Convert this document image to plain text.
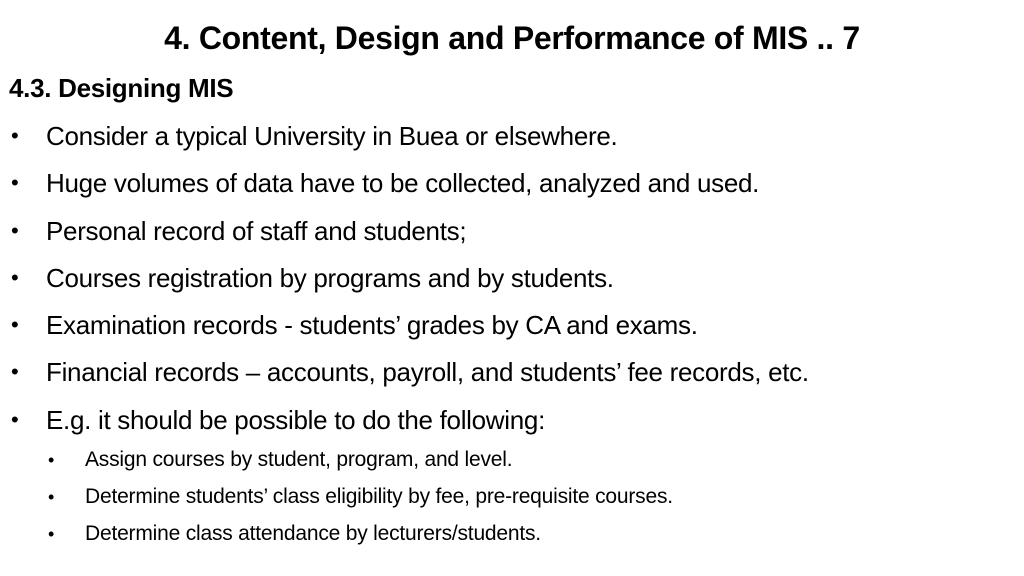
4. Content, Design and Performance of MIS .. 7
4.3. Designing MIS
• Consider a typical University in Buea or elsewhere.
• Huge volumes of data have to be collected, analyzed and used.
• Personal record of staff and students;
• Courses registration by programs and by students.
• Examination records - students’ grades by CA and exams.
• Financial records – accounts, payroll, and students’ fee records, etc.
• E.g. it should be possible to do the following:
• Assign courses by student, program, and level.
• Determine students’ class eligibility by fee, pre-requisite courses.
• Determine class attendance by lecturers/students.
